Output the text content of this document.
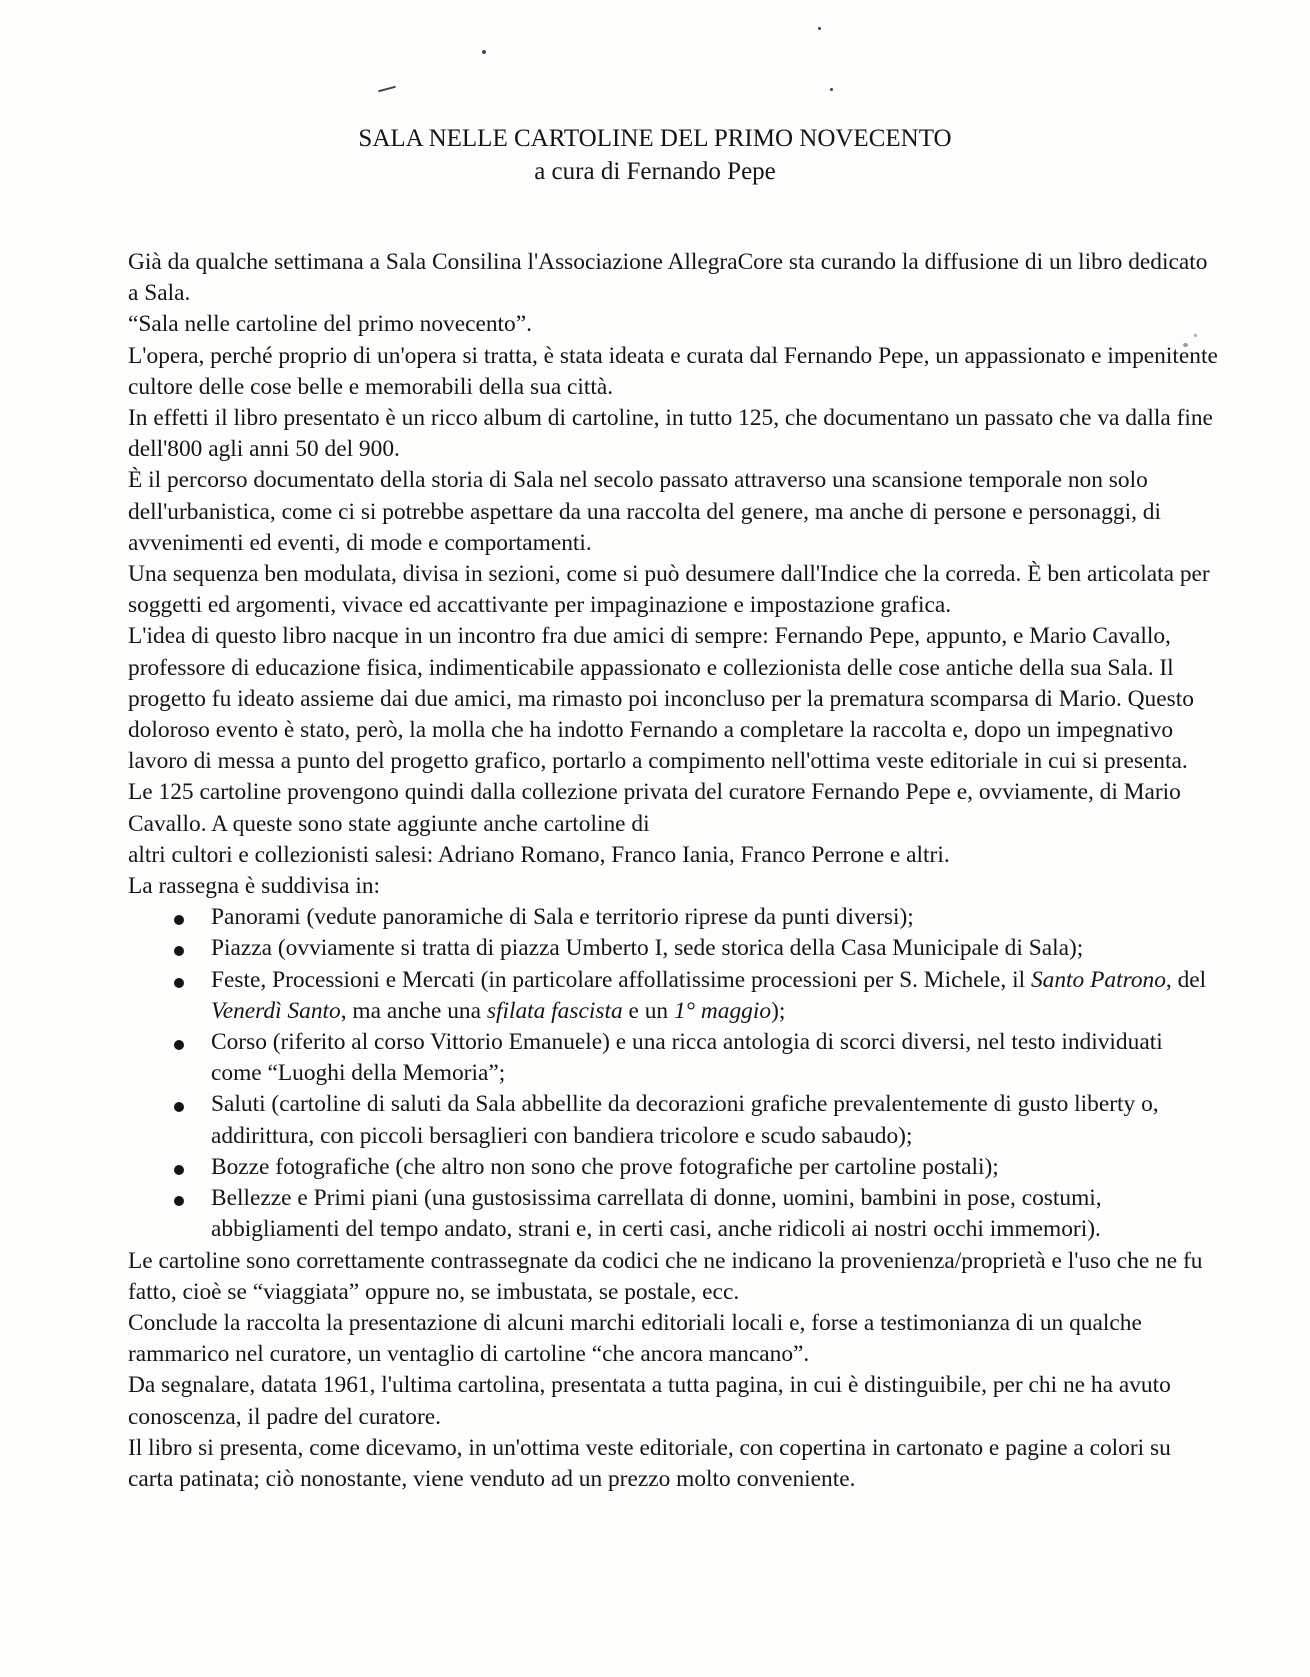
SALA NELLE CARTOLINE DEL PRIMO NOVECENTO
a cura di Fernando Pepe

Già da qualche settimana a Sala Consilina l'Associazione AllegraCore sta curando la diffusione di un libro dedicato a Sala.

“Sala nelle cartoline del primo novecento”.

L'opera, perché proprio di un'opera si tratta, è stata ideata e curata dal Fernando Pepe, un appassionato e impenitente cultore delle cose belle e memorabili della sua città.

In effetti il libro presentato è un ricco album di cartoline, in tutto 125, che documentano un passato che va dalla fine dell'800 agli anni 50 del 900.

È il percorso documentato della storia di Sala nel secolo passato attraverso una scansione temporale non solo dell'urbanistica, come ci si potrebbe aspettare da una raccolta del genere, ma anche di persone e personaggi, di avvenimenti ed eventi, di mode e comportamenti.

Una sequenza ben modulata, divisa in sezioni, come si può desumere dall'Indice che la correda. È ben articolata per soggetti ed argomenti, vivace ed accattivante per impaginazione e impostazione grafica.

L'idea di questo libro nacque in un incontro fra due amici di sempre: Fernando Pepe, appunto, e Mario Cavallo, professore di educazione fisica, indimenticabile appassionato e collezionista delle cose antiche della sua Sala. Il progetto fu ideato assieme dai due amici, ma rimasto poi inconcluso per la prematura scomparsa di Mario. Questo doloroso evento è stato, però, la molla che ha indotto Fernando a completare la raccolta e, dopo un impegnativo lavoro di messa a punto del progetto grafico, portarlo a compimento nell'ottima veste editoriale in cui si presenta.

Le 125 cartoline provengono quindi dalla collezione privata del curatore Fernando Pepe e, ovviamente, di Mario Cavallo. A queste sono state aggiunte anche cartoline di

altri cultori e collezionisti salesi: Adriano Romano, Franco Iania, Franco Perrone e altri.

La rassegna è suddivisa in:

Panorami (vedute panoramiche di Sala e territorio riprese da punti diversi);
Piazza (ovviamente si tratta di piazza Umberto I, sede storica della Casa Municipale di Sala);
Feste, Processioni e Mercati (in particolare affollatissime processioni per S. Michele, il Santo Patrono, del Venerdì Santo, ma anche una sfilata fascista e un 1° maggio);
Corso (riferito al corso Vittorio Emanuele) e una ricca antologia di scorci diversi, nel testo individuati come “Luoghi della Memoria”;
Saluti (cartoline di saluti da Sala abbellite da decorazioni grafiche prevalentemente di gusto liberty o, addirittura, con piccoli bersaglieri con bandiera tricolore e scudo sabaudo);
Bozze fotografiche (che altro non sono che prove fotografiche per cartoline postali);
Bellezze e Primi piani (una gustosissima carrellata di donne, uomini, bambini in pose, costumi, abbigliamenti del tempo andato, strani e, in certi casi, anche ridicoli ai nostri occhi immemori).

Le cartoline sono correttamente contrassegnate da codici che ne indicano la provenienza/proprietà e l'uso che ne fu fatto, cioè se “viaggiata” oppure no, se imbustata, se postale, ecc.

Conclude la raccolta la presentazione di alcuni marchi editoriali locali e, forse a testimonianza di un qualche rammarico nel curatore, un ventaglio di cartoline “che ancora mancano”.

Da segnalare, datata 1961, l'ultima cartolina, presentata a tutta pagina, in cui è distinguibile, per chi ne ha avuto conoscenza, il padre del curatore.

Il libro si presenta, come dicevamo, in un'ottima veste editoriale, con copertina in cartonato e pagine a colori su carta patinata; ciò nonostante, viene venduto ad un prezzo molto conveniente.
